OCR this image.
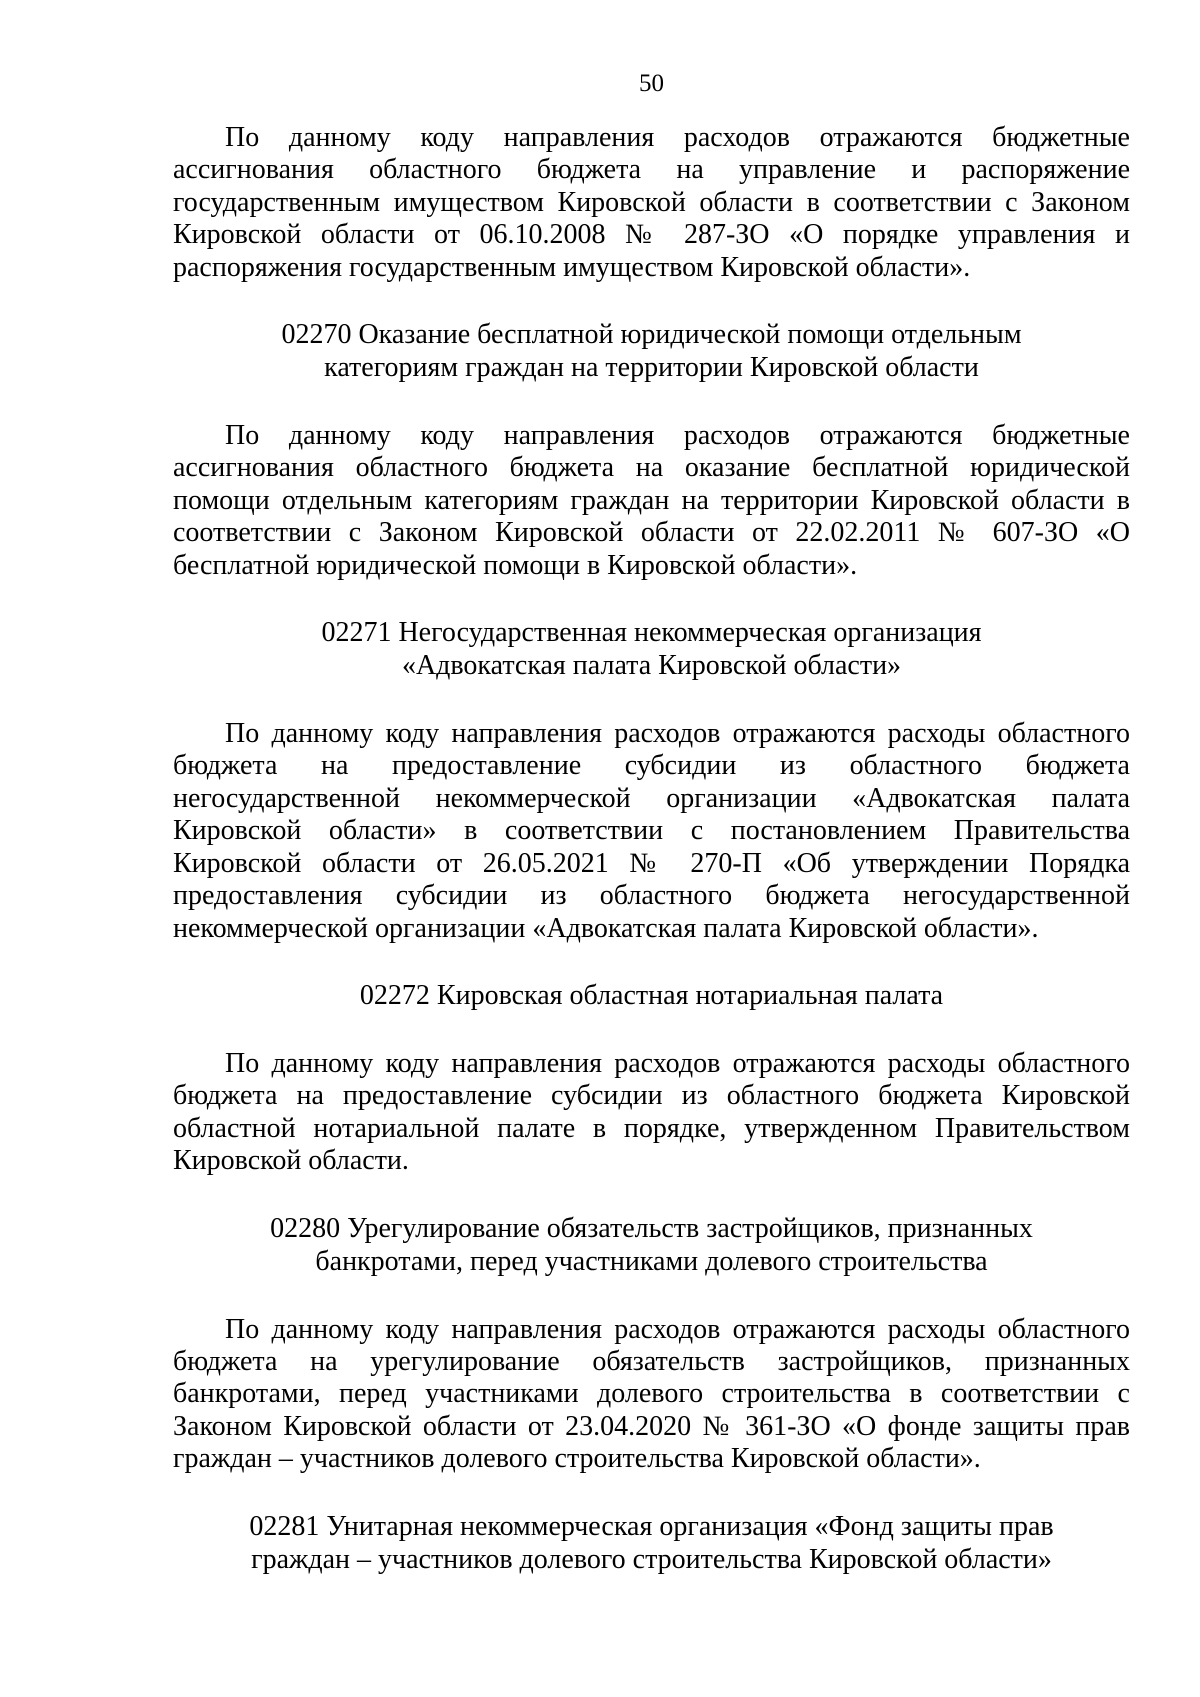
50

По данному коду направления расходов отражаются бюджетные ассигнования областного бюджета на управление и распоряжение государственным имуществом Кировской области в соответствии с Законом Кировской области от 06.10.2008 № 287-ЗО «О порядке управления и распоряжения государственным имуществом Кировской области».

02270 Оказание бесплатной юридической помощи отдельным
категориям граждан на территории Кировской области

По данному коду направления расходов отражаются бюджетные ассигнования областного бюджета на оказание бесплатной юридической помощи отдельным категориям граждан на территории Кировской области в соответствии с Законом Кировской области от 22.02.2011 № 607-ЗО «О бесплатной юридической помощи в Кировской области».

02271 Негосударственная некоммерческая организация
«Адвокатская палата Кировской области»

По данному коду направления расходов отражаются расходы областного бюджета на предоставление субсидии из областного бюджета негосударственной некоммерческой организации «Адвокатская палата Кировской области» в соответствии с постановлением Правительства Кировской области от 26.05.2021 № 270-П «Об утверждении Порядка предоставления субсидии из областного бюджета негосударственной некоммерческой организации «Адвокатская палата Кировской области».

02272 Кировская областная нотариальная палата

По данному коду направления расходов отражаются расходы областного бюджета на предоставление субсидии из областного бюджета Кировской областной нотариальной палате в порядке, утвержденном Правительством Кировской области.

02280 Урегулирование обязательств застройщиков, признанных
банкротами, перед участниками долевого строительства

По данному коду направления расходов отражаются расходы областного бюджета на урегулирование обязательств застройщиков, признанных банкротами, перед участниками долевого строительства в соответствии с Законом Кировской области от 23.04.2020 № 361-ЗО «О фонде защиты прав граждан – участников долевого строительства Кировской области».

02281 Унитарная некоммерческая организация «Фонд защиты прав
граждан – участников долевого строительства Кировской области»
